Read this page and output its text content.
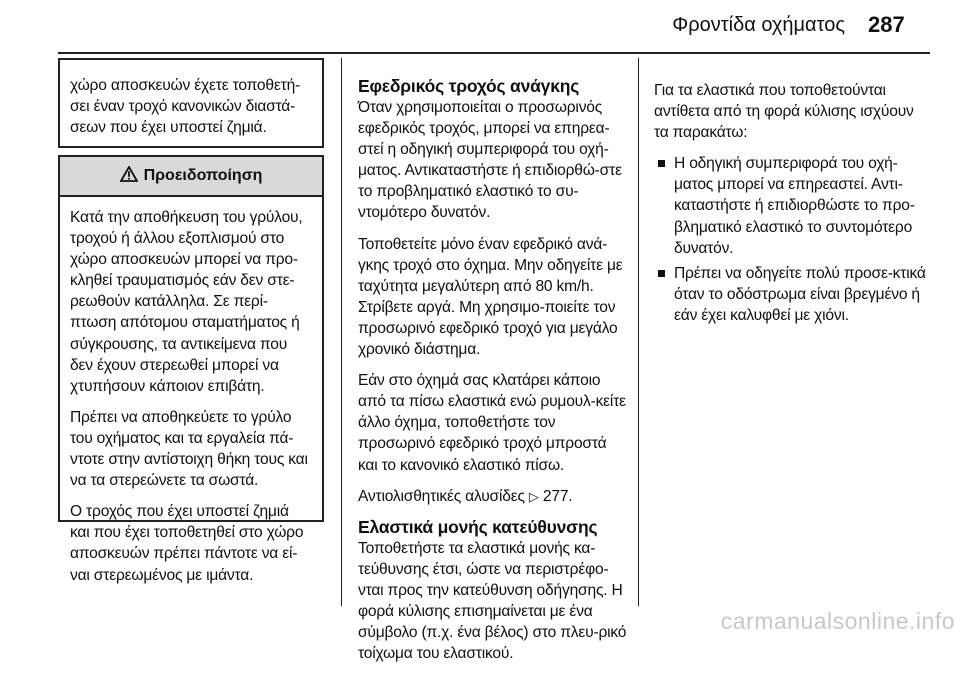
Φροντίδα οχήματος 287
χώρο αποσκευών έχετε τοποθετή-σει έναν τροχό κανονικών διαστά-σεων που έχει υποστεί ζημιά.
Προειδοποίηση

Κατά την αποθήκευση του γρύλου, τροχού ή άλλου εξοπλισμού στο χώρο αποσκευών μπορεί να προ-κληθεί τραυματισμός εάν δεν στε-ρεωθούν κατάλληλα. Σε περί-πτωση απότομου σταματήματος ή σύγκρουσης, τα αντικείμενα που δεν έχουν στερεωθεί μπορεί να χτυπήσουν κάποιον επιβάτη.

Πρέπει να αποθηκεύετε το γρύλο του οχήματος και τα εργαλεία πά-ντοτε στην αντίστοιχη θήκη τους και να τα στερεώνετε τα σωστά.

Ο τροχός που έχει υποστεί ζημιά και που έχει τοποθετηθεί στο χώρο αποσκευών πρέπει πάντοτε να εί-ναι στερεωμένος με ιμάντα.

Εφεδρικός τροχός ανάγκης

Όταν χρησιμοποιείται ο προσωρινός εφεδρικός τροχός, μπορεί να επηρεα-στεί η οδηγική συμπεριφορά του οχή-ματος. Αντικαταστήστε ή επιδιορθώ-στε το προβληματικό ελαστικό το συ-ντομότερο δυνατόν.

Τοποθετείτε μόνο έναν εφεδρικό ανά-γκης τροχό στο όχημα. Μην οδηγείτε με ταχύτητα μεγαλύτερη από 80 km/h. Στρίβετε αργά. Μη χρησιμο-ποιείτε τον προσωρινό εφεδρικό τροχό για μεγάλο χρονικό διάστημα.

Εάν στο όχημά σας κλατάρει κάποιο από τα πίσω ελαστικά ενώ ρυμουλ-κείτε άλλο όχημα, τοποθετήστε τον προσωρινό εφεδρικό τροχό μπροστά και το κανονικό ελαστικό πίσω.

Αντιολισθητικές αλυσίδες ▷ 277.

Ελαστικά μονής κατεύθυνσης

Τοποθετήστε τα ελαστικά μονής κα-τεύθυνσης έτσι, ώστε να περιστρέφο-νται προς την κατεύθυνση οδήγησης. Η φορά κύλισης επισημαίνεται με ένα σύμβολο (π.χ. ένα βέλος) στο πλευ-ρικό τοίχωμα του ελαστικού.

Για τα ελαστικά που τοποθετούνται αντίθετα από τη φορά κύλισης ισχύουν τα παρακάτω:

Η οδηγική συμπεριφορά του οχή-ματος μπορεί να επηρεαστεί. Αντι-καταστήστε ή επιδιορθώστε το προ-βληματικό ελαστικό το συντομότερο δυνατόν.
Πρέπει να οδηγείτε πολύ προσε-κτικά όταν το οδόστρωμα είναι βρεγμένο ή εάν έχει καλυφθεί με χιόνι.
carmanualsonline.info
